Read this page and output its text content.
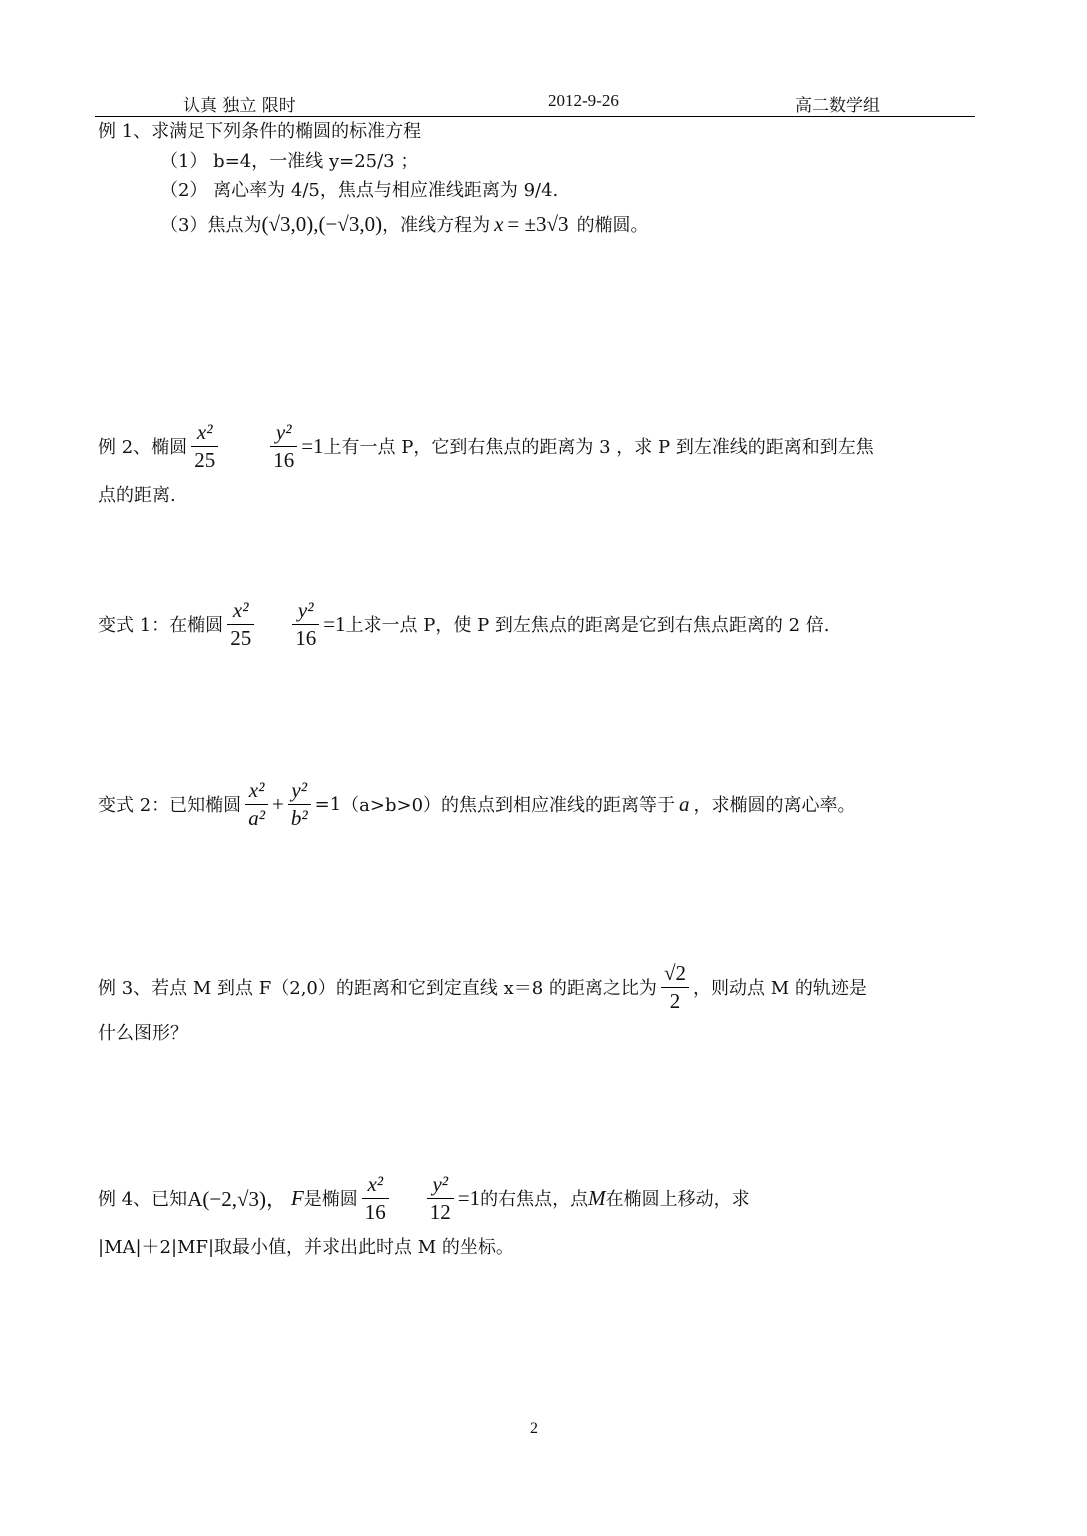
认真 独立 限时	2012-9-26	高二数学组
例 1、求满足下列条件的椭圆的标准方程
（1） b=4，一准线 y=25/3 ；
（2） 离心率为 4/5，焦点与相应准线距离为 9/4.
（3）焦点为 (√3,0), (−√3,0) ，准线方程为 x = ±3√3 的椭圆。
例 2、椭圆 $\frac{\text{x²}}{25} \frac{\text{y²}}{16} =1$ 上有一点 P，它到右焦点的距离为 3 ，求 P 到左准线的距离和到左焦
点的距离.
变式 1：在椭圆 $\frac{\text{x²}}{25} \frac{\text{y²}}{16} =1$ 上求一点 P，使 P 到左焦点的距离是它到右焦点距离的 2 倍.
变式 2：已知椭圆 $\frac{\text{x²}}{\text{a²}} + \frac{\text{y²}}{\text{b²}} =1$ （a>b>0）的焦点到相应准线的距离等于 a ，求椭圆的离心率。
例 3、若点 M 到点 F（2,0）的距离和它到定直线 x＝8 的距离之比为 $\frac{√2}{2}$ ，则动点 M 的轨迹是
什么图形？
例 4、已知 A(−2,√3)， F 是椭圆 $\frac{\text{x²}}{16} \frac{\text{y²}}{12} =1$ 的右焦点，点 M 在椭圆上移动，求
|MA|＋2|MF|取最小值，并求出此时点 M 的坐标。
2
